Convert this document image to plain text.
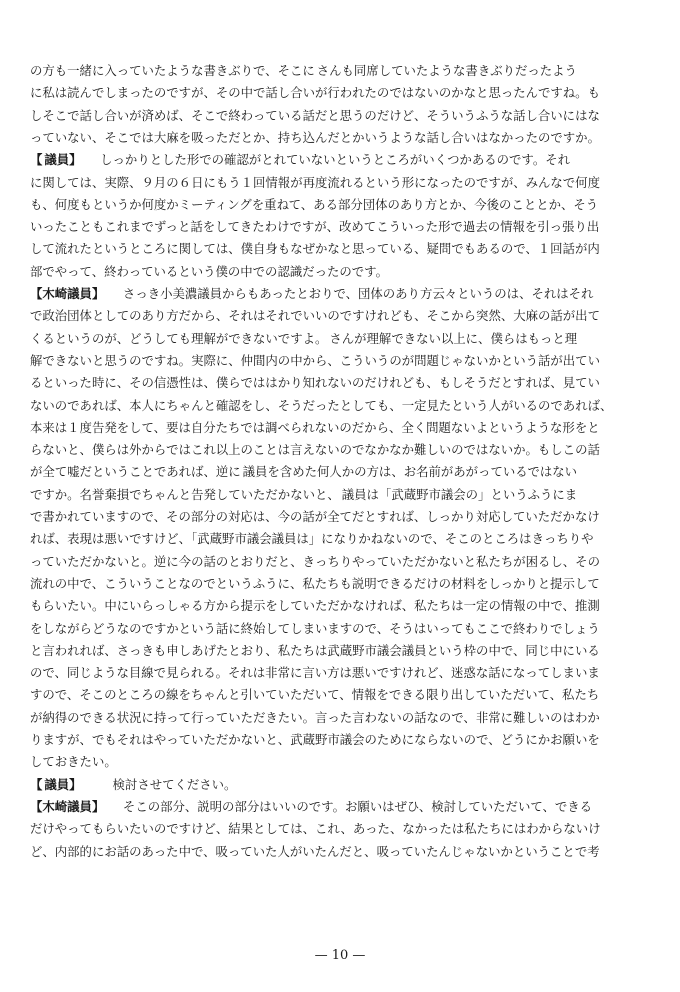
の方も一緒に入っていたような書きぶりで、そこに さんも同席していたような書きぶりだったよう
に私は読んでしまったのですが、その中で話し合いが行われたのではないのかなと思ったんですね。も
しそこで話し合いが済めば、そこで終わっている話だと思うのだけど、そういうふうな話し合いにはな
っていない、そこでは大麻を吸っただとか、持ち込んだとかいうような話し合いはなかったのですか。
【 議員】　　しっかりとした形での確認がとれていないというところがいくつかあるのです。それ
に関しては、実際、９月の６日にもう１回情報が再度流れるという形になったのですが、みんなで何度
も、何度もというか何度かミーティングを重ねて、ある部分団体のあり方とか、今後のこととか、そう
いったこともこれまでずっと話をしてきたわけですが、改めてこういった形で過去の情報を引っ張り出
して流れたというところに関しては、僕自身もなぜかなと思っている、疑問でもあるので、１回話が内
部でやって、終わっているという僕の中での認識だったのです。
【木崎議員】　　さっき小美濃議員からもあったとおりで、団体のあり方云々というのは、それはそれ
で政治団体としてのあり方だから、それはそれでいいのですけれども、そこから突然、大麻の話が出て
くるというのが、どうしても理解ができないですよ。 さんが理解できない以上に、僕らはもっと理
解できないと思うのですね。実際に、仲間内の中から、こういうのが問題じゃないかという話が出てい
るといった時に、その信憑性は、僕らでははかり知れないのだけれども、もしそうだとすれば、見てい
ないのであれば、本人にちゃんと確認をし、そうだったとしても、一定見たという人がいるのであれば、
本来は１度告発をして、要は自分たちでは調べられないのだから、全く問題ないよというような形をと
らないと、僕らは外からではこれ以上のことは言えないのでなかなか難しいのではないか。もしこの話
が全て嘘だということであれば、逆に 議員を含めた何人かの方は、お名前があがっているではない
ですか。名誉棄損でちゃんと告発していただかないと、 議員は「武蔵野市議会の」というふうにま
で書かれていますので、その部分の対応は、今の話が全てだとすれば、しっかり対応していただかなけ
れば、表現は悪いですけど、「武蔵野市議会議員は」になりかねないので、そこのところはきっちりや
っていただかないと。逆に今の話のとおりだと、きっちりやっていただかないと私たちが困るし、その
流れの中で、こういうことなのでというふうに、私たちも説明できるだけの材料をしっかりと提示して
もらいたい。中にいらっしゃる方から提示をしていただかなければ、私たちは一定の情報の中で、推測
をしながらどうなのですかという話に終始してしまいますので、そうはいってもここで終わりでしょう
と言われれば、さっきも申しあげたとおり、私たちは武蔵野市議会議員という枠の中で、同じ中にいる
ので、同じような目線で見られる。それは非常に言い方は悪いですけれど、迷惑な話になってしまいま
すので、そこのところの線をちゃんと引いていただいて、情報をできる限り出していただいて、私たち
が納得のできる状況に持って行っていただきたい。言った言わないの話なので、非常に難しいのはわか
りますが、でもそれはやっていただかないと、武蔵野市議会のためにならないので、どうにかお願いを
しておきたい。
【 議員】　　　検討させてください。
【木崎議員】　　そこの部分、説明の部分はいいのです。お願いはぜひ、検討していただいて、できる
だけやってもらいたいのですけど、結果としては、これ、あった、なかったは私たちにはわからないけ
ど、内部的にお話のあった中で、吸っていた人がいたんだと、吸っていたんじゃないかということで考
— 10 —
